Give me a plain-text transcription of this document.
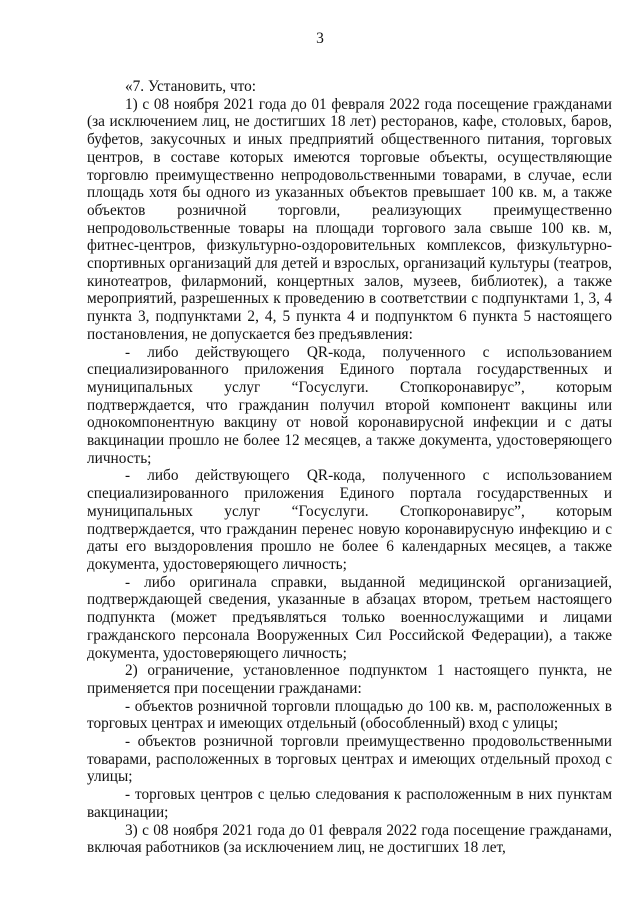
3

«7. Установить, что:

1) с 08 ноября 2021 года до 01 февраля 2022 года посещение гражданами (за исключением лиц, не достигших 18 лет) ресторанов, кафе, столовых, баров, буфетов, закусочных и иных предприятий общественного питания, торговых центров, в составе которых имеются торговые объекты, осуществляющие торговлю преимущественно непродовольственными товарами, в случае, если площадь хотя бы одного из указанных объектов превышает 100 кв. м, а также объектов розничной торговли, реализующих преимущественно непродовольственные товары на площади торгового зала свыше 100 кв. м, фитнес-центров, физкультурно-оздоровительных комплексов, физкультурно-спортивных организаций для детей и взрослых, организаций культуры (театров, кинотеатров, филармоний, концертных залов, музеев, библиотек), а также мероприятий, разрешенных к проведению в соответствии с подпунктами 1, 3, 4 пункта 3, подпунктами 2, 4, 5 пункта 4 и подпунктом 6 пункта 5 настоящего постановления, не допускается без предъявления:

- либо действующего QR-кода, полученного с использованием специализированного приложения Единого портала государственных и муниципальных услуг “Госуслуги. Стопкоронавирус”, которым подтверждается, что гражданин получил второй компонент вакцины или однокомпонентную вакцину от новой коронавирусной инфекции и с даты вакцинации прошло не более 12 месяцев, а также документа, удостоверяющего личность;

- либо действующего QR-кода, полученного с использованием специализированного приложения Единого портала государственных и муниципальных услуг “Госуслуги. Стопкоронавирус”, которым подтверждается, что гражданин перенес новую коронавирусную инфекцию и с даты его выздоровления прошло не более 6 календарных месяцев, а также документа, удостоверяющего личность;

- либо оригинала справки, выданной медицинской организацией, подтверждающей сведения, указанные в абзацах втором, третьем настоящего подпункта (может предъявляться только военнослужащими и лицами гражданского персонала Вооруженных Сил Российской Федерации), а также документа, удостоверяющего личность;

2) ограничение, установленное подпунктом 1 настоящего пункта, не применяется при посещении гражданами:

- объектов розничной торговли площадью до 100 кв. м, расположенных в торговых центрах и имеющих отдельный (обособленный) вход с улицы;

- объектов розничной торговли преимущественно продовольственными товарами, расположенных в торговых центрах и имеющих отдельный проход с улицы;

- торговых центров с целью следования к расположенным в них пунктам вакцинации;

3) с 08 ноября 2021 года до 01 февраля 2022 года посещение гражданами, включая работников (за исключением лиц, не достигших 18 лет,
